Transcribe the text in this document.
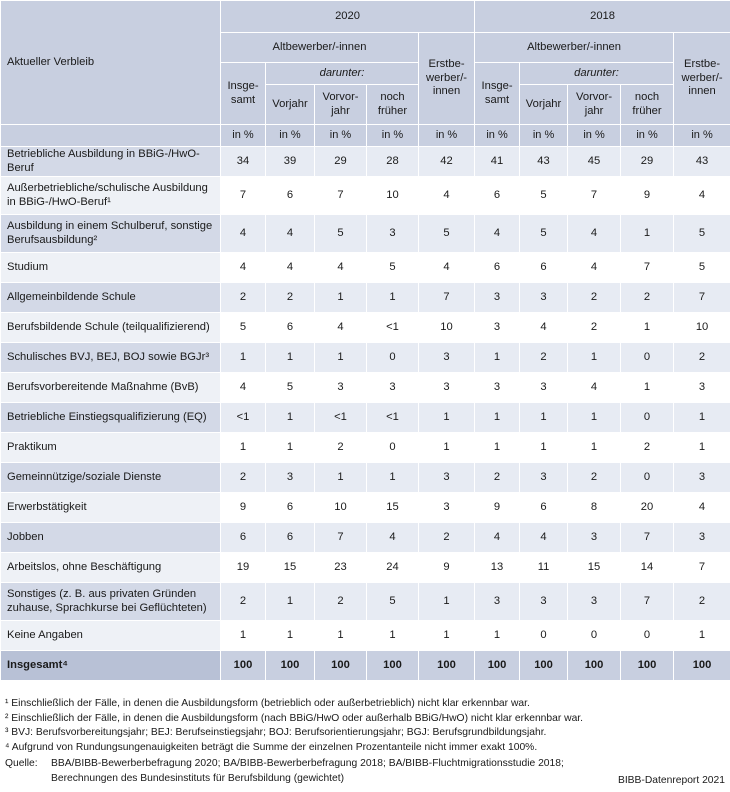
Aktueller Verbleib	2020					2018				
	Altbewerber/-innen				Erstbe-werber/-innen	Altbewerber/-innen				Erstbe-werber/-innen
	Insge-samt	darunter:				Insge-samt	darunter:			
		Vorjahr	Vorvor-jahr	noch früher			Vorjahr	Vorvor-jahr	noch früher	
	in %	in %	in %	in %	in %	in %	in %	in %	in %	in %
Betriebliche Ausbildung in BBiG-/HwO-Beruf	34	39	29	28	42	41	43	45	29	43
Außerbetriebliche/schulische Ausbildung in BBiG-/HwO-Beruf¹	7	6	7	10	4	6	5	7	9	4
Ausbildung in einem Schulberuf, sonstige Berufsausbildung²	4	4	5	3	5	4	5	4	1	5
Studium	4	4	4	5	4	6	6	4	7	5
Allgemeinbildende Schule	2	2	1	1	7	3	3	2	2	7
Berufsbildende Schule (teilqualifizierend)	5	6	4	<1	10	3	4	2	1	10
Schulisches BVJ, BEJ, BOJ sowie BGJr³	1	1	1	0	3	1	2	1	0	2
Berufsvorbereitende Maßnahme (BvB)	4	5	3	3	3	3	3	4	1	3
Betriebliche Einstiegsqualifizierung (EQ)	<1	1	<1	<1	1	1	1	1	0	1
Praktikum	1	1	2	0	1	1	1	1	2	1
Gemeinnützige/soziale Dienste	2	3	1	1	3	2	3	2	0	3
Erwerbstätigkeit	9	6	10	15	3	9	6	8	20	4
Jobben	6	6	7	4	2	4	4	3	7	3
Arbeitslos, ohne Beschäftigung	19	15	23	24	9	13	11	15	14	7
Sonstiges (z. B. aus privaten Gründen zuhause, Sprachkurse bei Geflüchteten)	2	1	2	5	1	3	3	3	7	2
Keine Angaben	1	1	1	1	1	1	0	0	0	1
Insgesamt⁴	100	100	100	100	100	100	100	100	100	100
¹ Einschließlich der Fälle, in denen die Ausbildungsform (betrieblich oder außerbetrieblich) nicht klar erkennbar war.
² Einschließlich der Fälle, in denen die Ausbildungsform (nach BBiG/HwO oder außerhalb BBiG/HwO) nicht klar erkennbar war.
³ BVJ: Berufsvorbereitungsjahr; BEJ: Berufseinstiegsjahr; BOJ: Berufsorientierungsjahr; BGJ: Berufsgrundbildungsjahr.
⁴ Aufgrund von Rundungsungenauigkeiten beträgt die Summe der einzelnen Prozentanteile nicht immer exakt 100%.
Quelle: BBA/BIBB-Bewerberbefragung 2020; BA/BIBB-Bewerberbefragung 2018; BA/BIBB-Fluchtmigrationsstudie 2018;
Berechnungen des Bundesinstituts für Berufsbildung (gewichtet)	BIBB-Datenreport 2021
